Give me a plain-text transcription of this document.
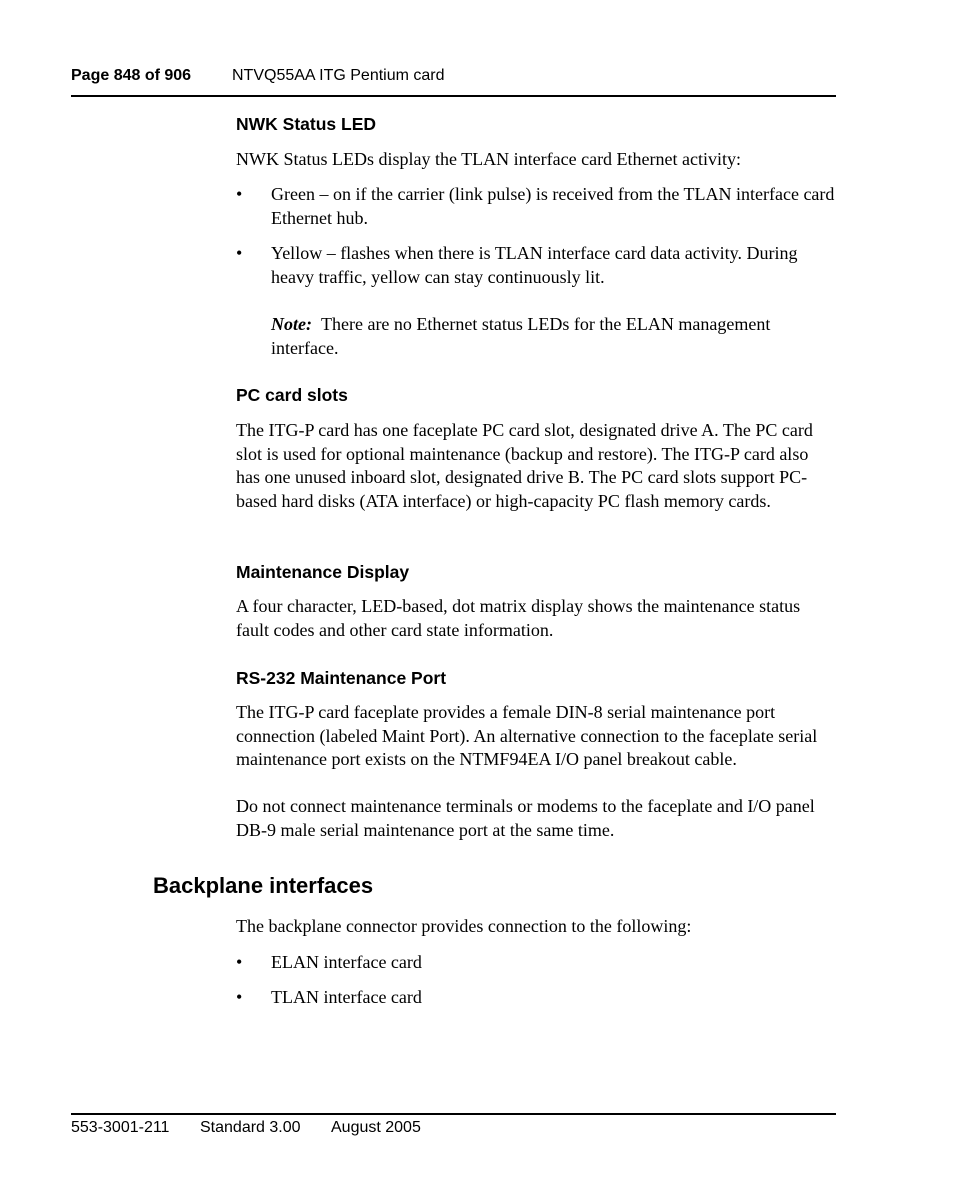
Page 848 of 906	NTVQ55AA ITG Pentium card
NWK Status LED
NWK Status LEDs display the TLAN interface card Ethernet activity:
• Green – on if the carrier (link pulse) is received from the TLAN interface card Ethernet hub.
• Yellow – flashes when there is TLAN interface card data activity. During heavy traffic, yellow can stay continuously lit.
Note: There are no Ethernet status LEDs for the ELAN management interface.
PC card slots
The ITG-P card has one faceplate PC card slot, designated drive A. The PC card slot is used for optional maintenance (backup and restore). The ITG-P card also has one unused inboard slot, designated drive B. The PC card slots support PC-based hard disks (ATA interface) or high-capacity PC flash memory cards.
Maintenance Display
A four character, LED-based, dot matrix display shows the maintenance status fault codes and other card state information.
RS-232 Maintenance Port
The ITG-P card faceplate provides a female DIN-8 serial maintenance port connection (labeled Maint Port). An alternative connection to the faceplate serial maintenance port exists on the NTMF94EA I/O panel breakout cable.
Do not connect maintenance terminals or modems to the faceplate and I/O panel DB-9 male serial maintenance port at the same time.
The backplane connector provides connection to the following:
• ELAN interface card
• TLAN interface card
Backplane interfaces
553-3001-211 Standard 3.00 August 2005
